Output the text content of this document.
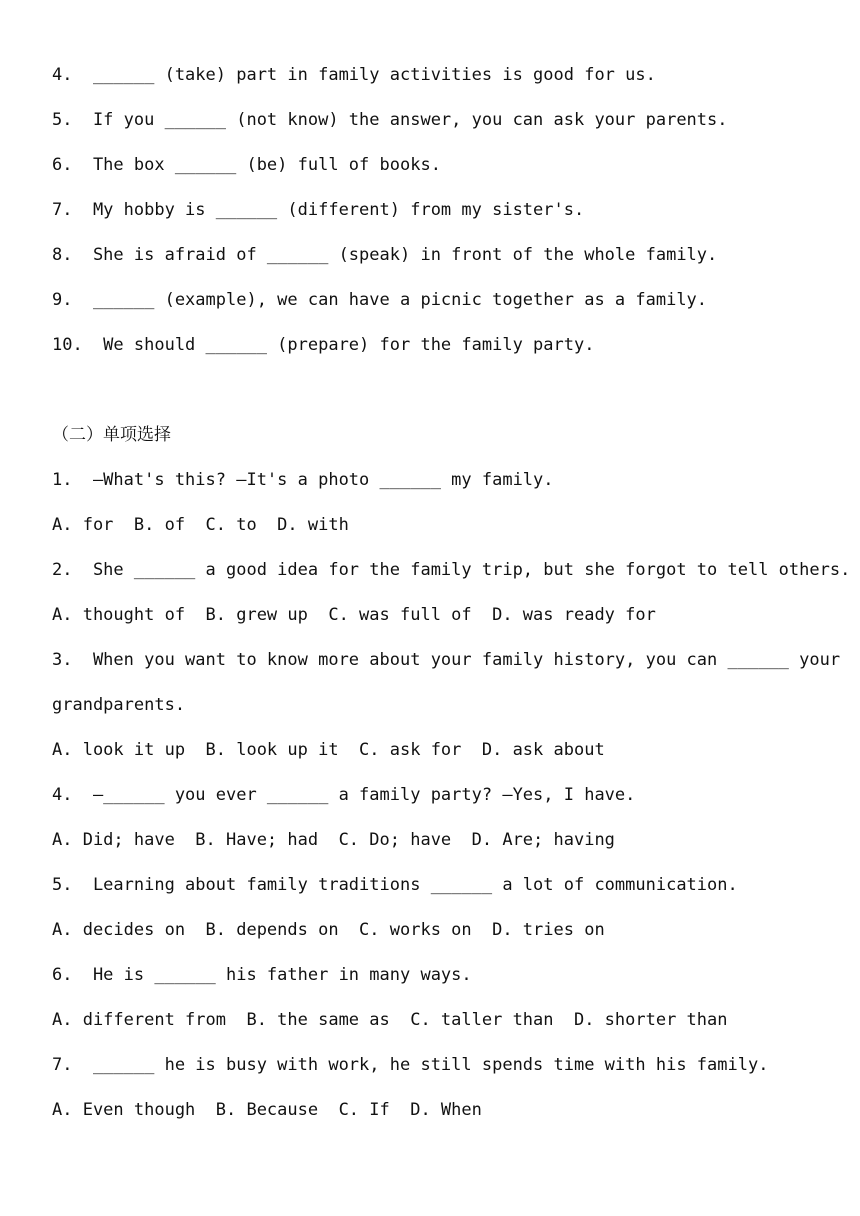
4.  ______ (take) part in family activities is good for us.
5.  If you ______ (not know) the answer, you can ask your parents.
6.  The box ______ (be) full of books.
7.  My hobby is ______ (different) from my sister's.
8.  She is afraid of ______ (speak) in front of the whole family.
9.  ______ (example), we can have a picnic together as a family.
10.  We should ______ (prepare) for the family party.
（二）单项选择
1.  —What's this? —It's a photo ______ my family.
A. for  B. of  C. to  D. with
2.  She ______ a good idea for the family trip, but she forgot to tell others.
A. thought of  B. grew up  C. was full of  D. was ready for
3.  When you want to know more about your family history, you can ______ your
grandparents.
A. look it up  B. look up it  C. ask for  D. ask about
4.  —______ you ever ______ a family party? —Yes, I have.
A. Did; have  B. Have; had  C. Do; have  D. Are; having
5.  Learning about family traditions ______ a lot of communication.
A. decides on  B. depends on  C. works on  D. tries on
6.  He is ______ his father in many ways.
A. different from  B. the same as  C. taller than  D. shorter than
7.  ______ he is busy with work, he still spends time with his family.
A. Even though  B. Because  C. If  D. When
